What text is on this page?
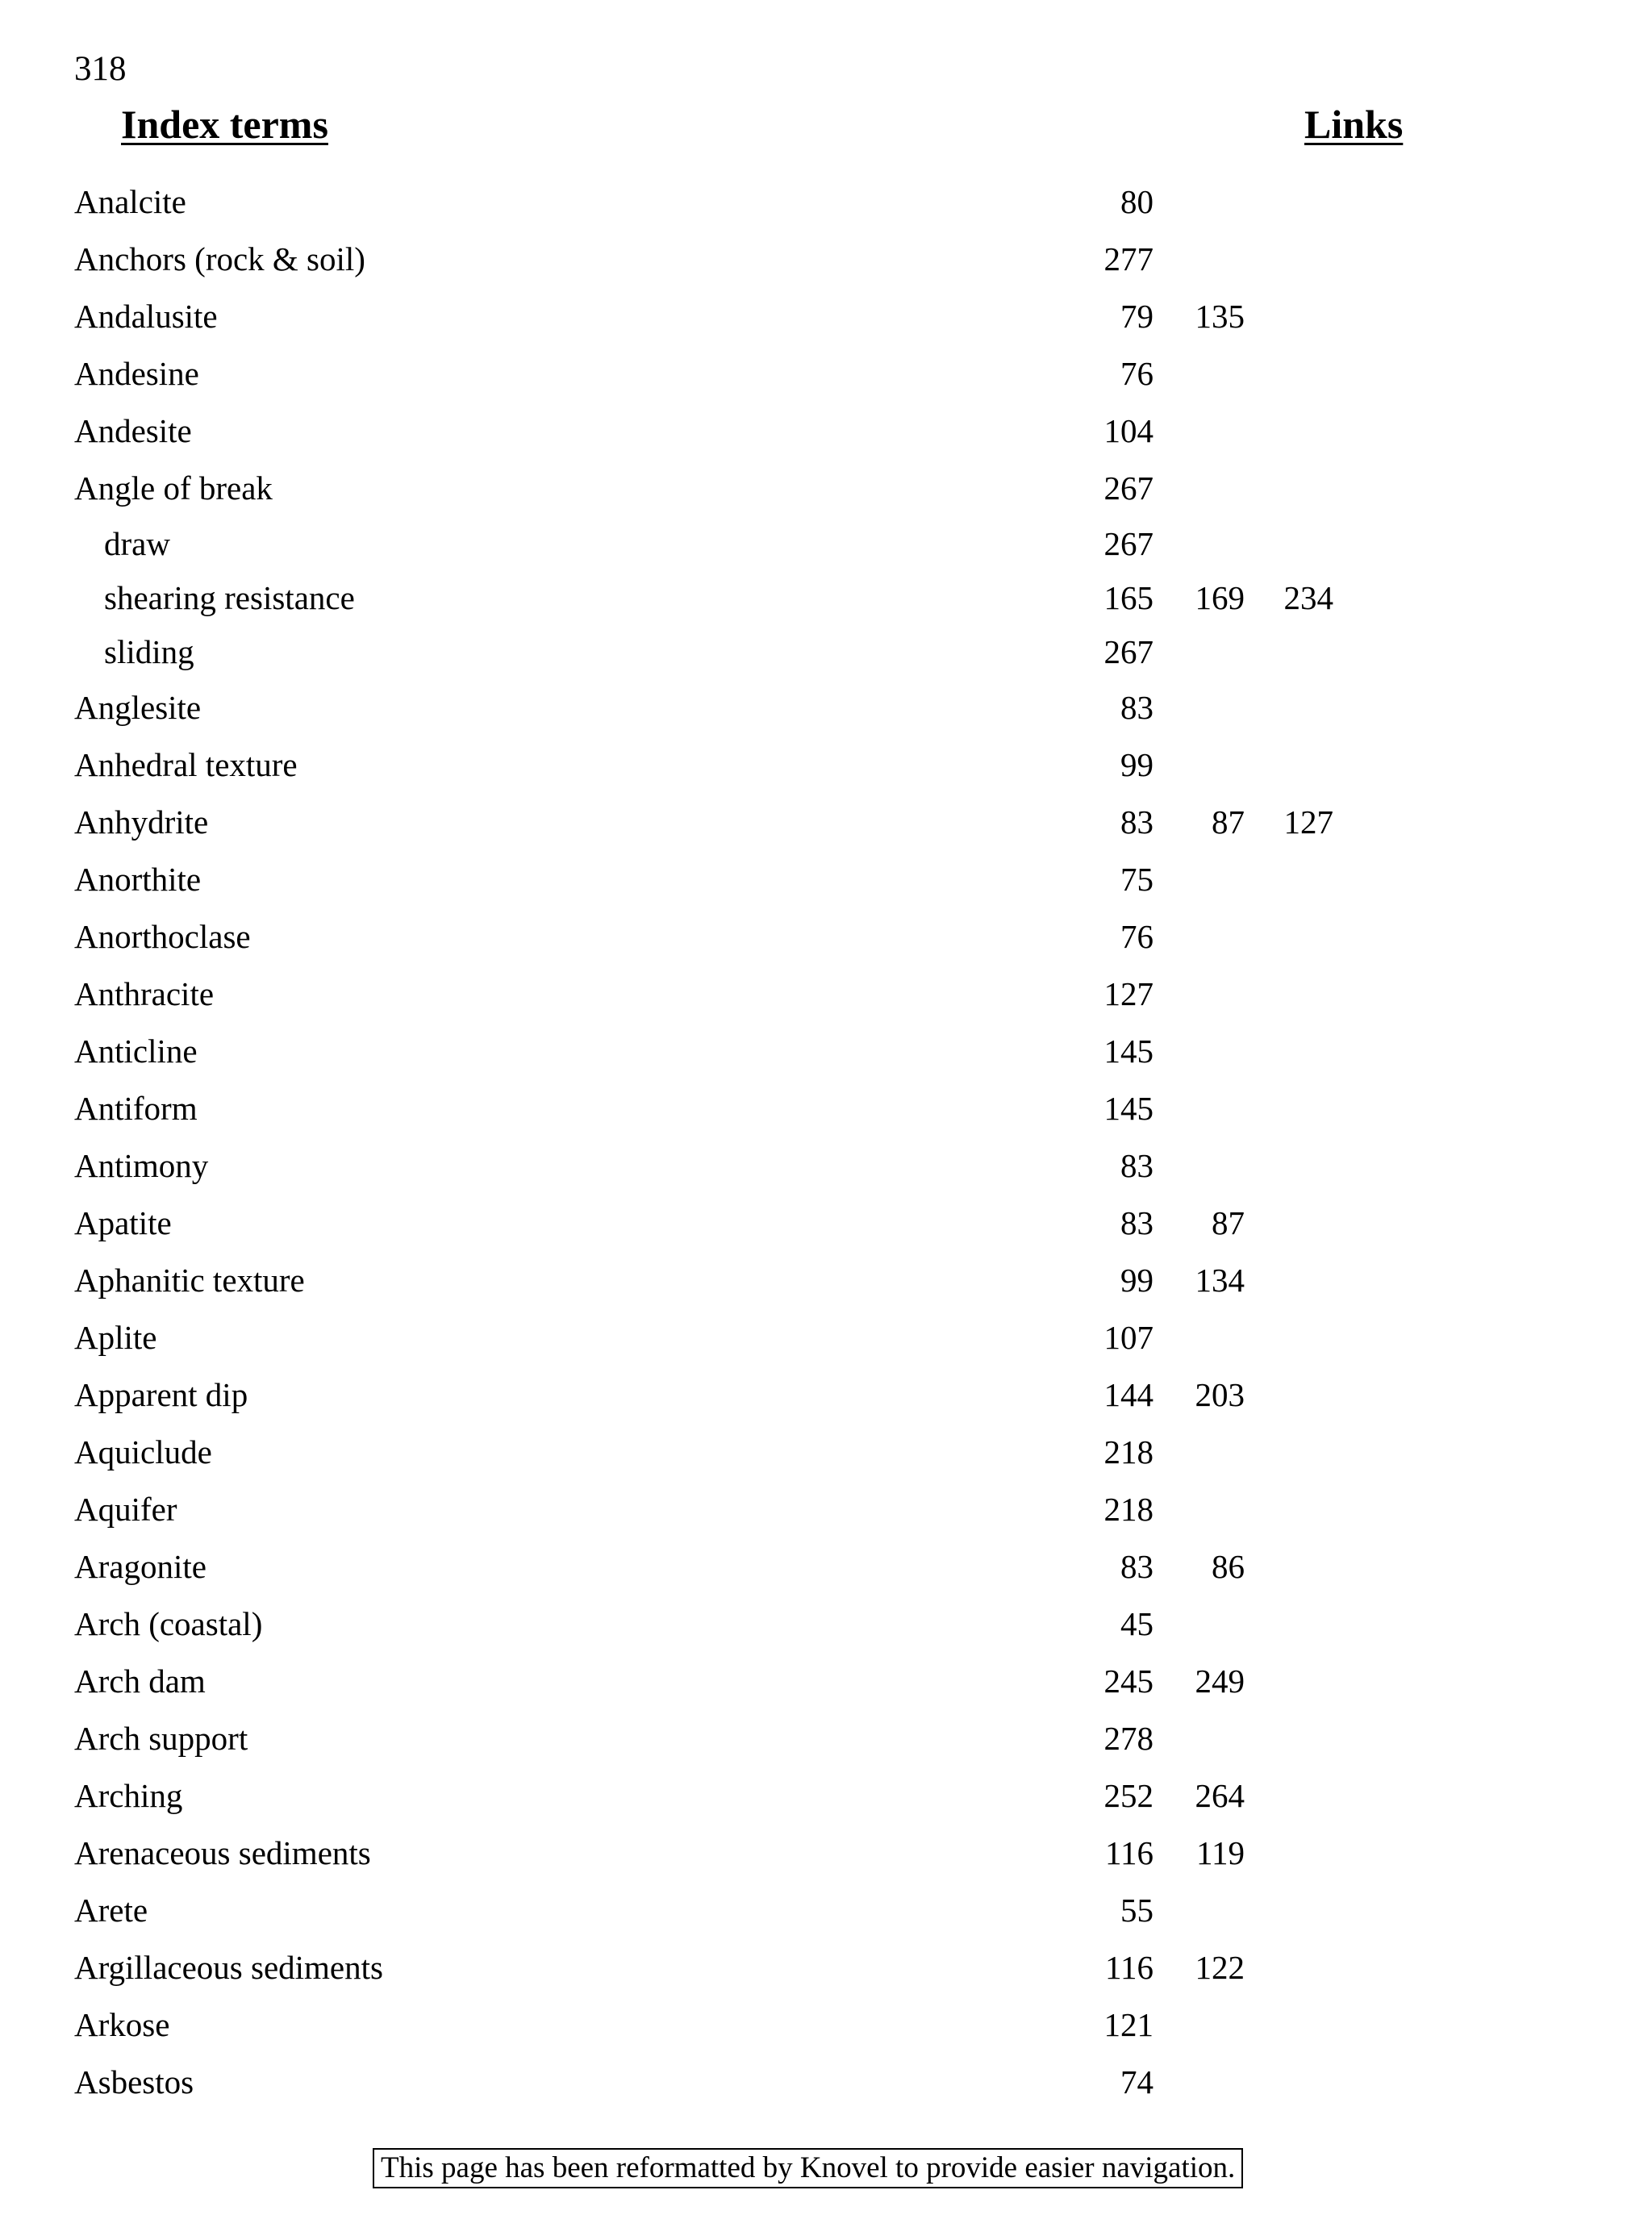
318
Index terms	Links
Analcite	80
Anchors (rock & soil)	277
Andalusite	79	135
Andesine	76
Andesite	104
Angle of break	267
draw	267
shearing resistance	165	169	234
sliding	267
Anglesite	83
Anhedral texture	99
Anhydrite	83	87	127
Anorthite	75
Anorthoclase	76
Anthracite	127
Anticline	145
Antiform	145
Antimony	83
Apatite	83	87
Aphanitic texture	99	134
Aplite	107
Apparent dip	144	203
Aquiclude	218
Aquifer	218
Aragonite	83	86
Arch (coastal)	45
Arch dam	245	249
Arch support	278
Arching	252	264
Arenaceous sediments	116	119
Arete	55
Argillaceous sediments	116	122
Arkose	121
Asbestos	74
This page has been reformatted by Knovel to provide easier navigation.
